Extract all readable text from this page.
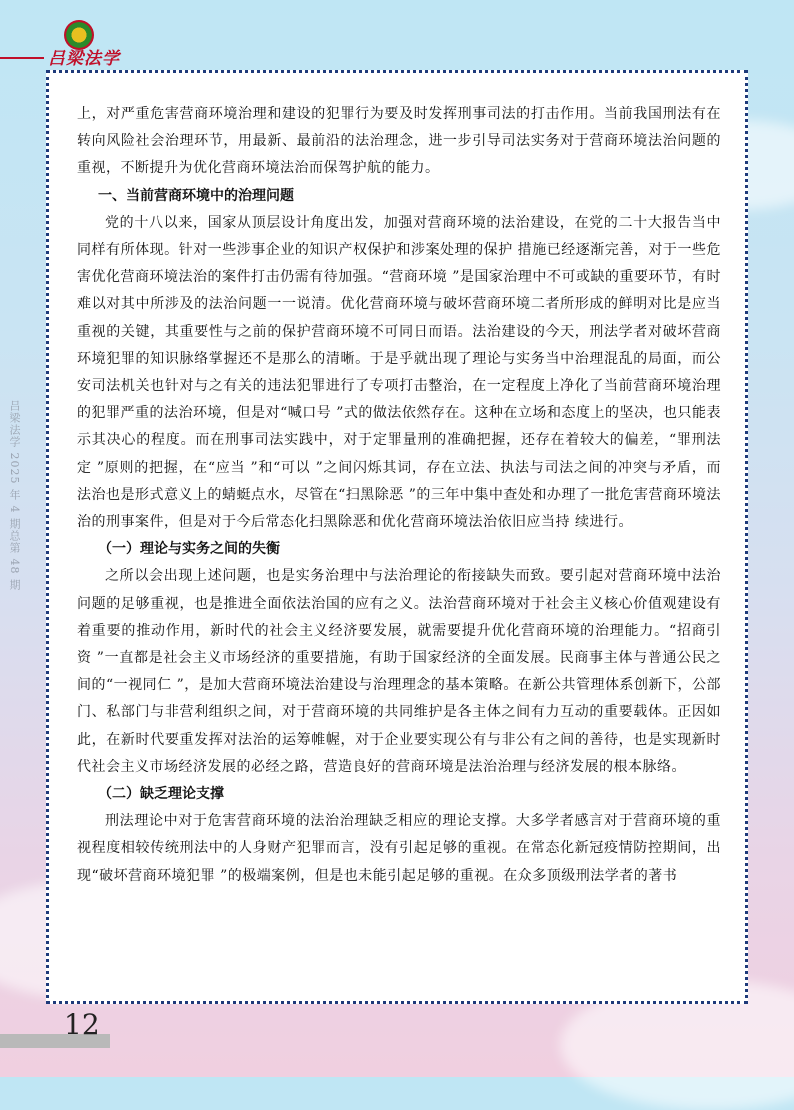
吕梁法学
吕梁法学 2025 年 4 期总第 48 期

上，对严重危害营商环境治理和建设的犯罪行为要及时发挥刑事司法的打击作用。当前我国刑法有在转向风险社会治理环节，用最新、最前沿的法治理念，进一步引导司法实务对于营商环境法治问题的重视，不断提升为优化营商环境法治而保驾护航的能力。

一、当前营商环境中的治理问题

党的十八以来，国家从顶层设计角度出发，加强对营商环境的法治建设，在党的二十大报告当中同样有所体现。针对一些涉事企业的知识产权保护和涉案处理的保护 措施已经逐渐完善，对于一些危害优化营商环境法治的案件打击仍需有待加强。“营商环境 ”是国家治理中不可或缺的重要环节，有时难以对其中所涉及的法治问题一一说清。优化营商环境与破坏营商环境二者所形成的鲜明对比是应当重视的关键，其重要性与之前的保护营商环境不可同日而语。法治建设的今天，刑法学者对破坏营商环境犯罪的知识脉络掌握还不是那么的清晰。于是乎就出现了理论与实务当中治理混乱的局面，而公安司法机关也针对与之有关的违法犯罪进行了专项打击整治，在一定程度上净化了当前营商环境治理的犯罪严重的法治环境，但是对“喊口号 ”式的做法依然存在。这种在立场和态度上的坚决，也只能表示其决心的程度。而在刑事司法实践中，对于定罪量刑的准确把握，还存在着较大的偏差，“罪刑法定 ”原则的把握，在“应当 ”和“可以 ”之间闪烁其词，存在立法、执法与司法之间的冲突与矛盾，而法治也是形式意义上的蜻蜓点水，尽管在“扫黑除恶 ”的三年中集中查处和办理了一批危害营商环境法治的刑事案件，但是对于今后常态化扫黑除恶和优化营商环境法治依旧应当持 续进行。

（一）理论与实务之间的失衡

之所以会出现上述问题，也是实务治理中与法治理论的衔接缺失而致。要引起对营商环境中法治问题的足够重视，也是推进全面依法治国的应有之义。法治营商环境对于社会主义核心价值观建设有着重要的推动作用，新时代的社会主义经济要发展，就需要提升优化营商环境的治理能力。“招商引资 ”一直都是社会主义市场经济的重要措施，有助于国家经济的全面发展。民商事主体与普通公民之间的“一视同仁 ”，是加大营商环境法治建设与治理理念的基本策略。在新公共管理体系创新下，公部门、私部门与非营利组织之间，对于营商环境的共同维护是各主体之间有力互动的重要载体。正因如此，在新时代要重发挥对法治的运筹帷幄，对于企业要实现公有与非公有之间的善待，也是实现新时代社会主义市场经济发展的必经之路，营造良好的营商环境是法治治理与经济发展的根本脉络。

（二）缺乏理论支撑

刑法理论中对于危害营商环境的法治治理缺乏相应的理论支撑。大多学者感言对于营商环境的重视程度相较传统刑法中的人身财产犯罪而言，没有引起足够的重视。在常态化新冠疫情防控期间，出现“破坏营商环境犯罪 ”的极端案例，但是也未能引起足够的重视。在众多顶级刑法学者的著书

12
